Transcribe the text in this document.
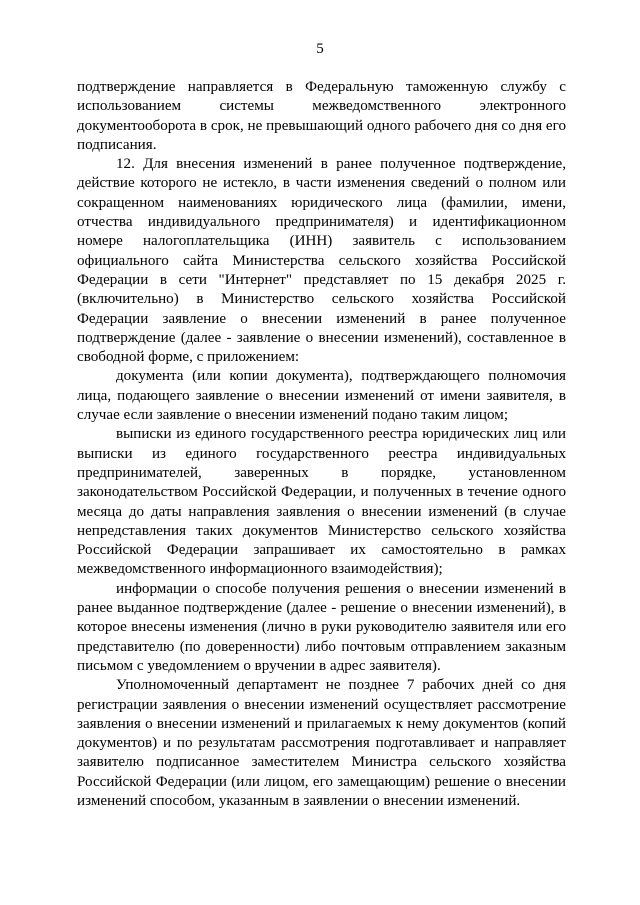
5

подтверждение направляется в Федеральную таможенную службу с использованием системы межведомственного электронного документооборота в срок, не превышающий одного рабочего дня со дня его подписания.

12. Для внесения изменений в ранее полученное подтверждение, действие которого не истекло, в части изменения сведений о полном или сокращенном наименованиях юридического лица (фамилии, имени, отчества индивидуального предпринимателя) и идентификационном номере налогоплательщика (ИНН) заявитель с использованием официального сайта Министерства сельского хозяйства Российской Федерации в сети "Интернет" представляет по 15 декабря 2025 г. (включительно) в Министерство сельского хозяйства Российской Федерации заявление о внесении изменений в ранее полученное подтверждение (далее - заявление о внесении изменений), составленное в свободной форме, с приложением:

документа (или копии документа), подтверждающего полномочия лица, подающего заявление о внесении изменений от имени заявителя, в случае если заявление о внесении изменений подано таким лицом;

выписки из единого государственного реестра юридических лиц или выписки из единого государственного реестра индивидуальных предпринимателей, заверенных в порядке, установленном законодательством Российской Федерации, и полученных в течение одного месяца до даты направления заявления о внесении изменений (в случае непредставления таких документов Министерство сельского хозяйства Российской Федерации запрашивает их самостоятельно в рамках межведомственного информационного взаимодействия);

информации о способе получения решения о внесении изменений в ранее выданное подтверждение (далее - решение о внесении изменений), в которое внесены изменения (лично в руки руководителю заявителя или его представителю (по доверенности) либо почтовым отправлением заказным письмом с уведомлением о вручении в адрес заявителя).

Уполномоченный департамент не позднее 7 рабочих дней со дня регистрации заявления о внесении изменений осуществляет рассмотрение заявления о внесении изменений и прилагаемых к нему документов (копий документов) и по результатам рассмотрения подготавливает и направляет заявителю подписанное заместителем Министра сельского хозяйства Российской Федерации (или лицом, его замещающим) решение о внесении изменений способом, указанным в заявлении о внесении изменений.
